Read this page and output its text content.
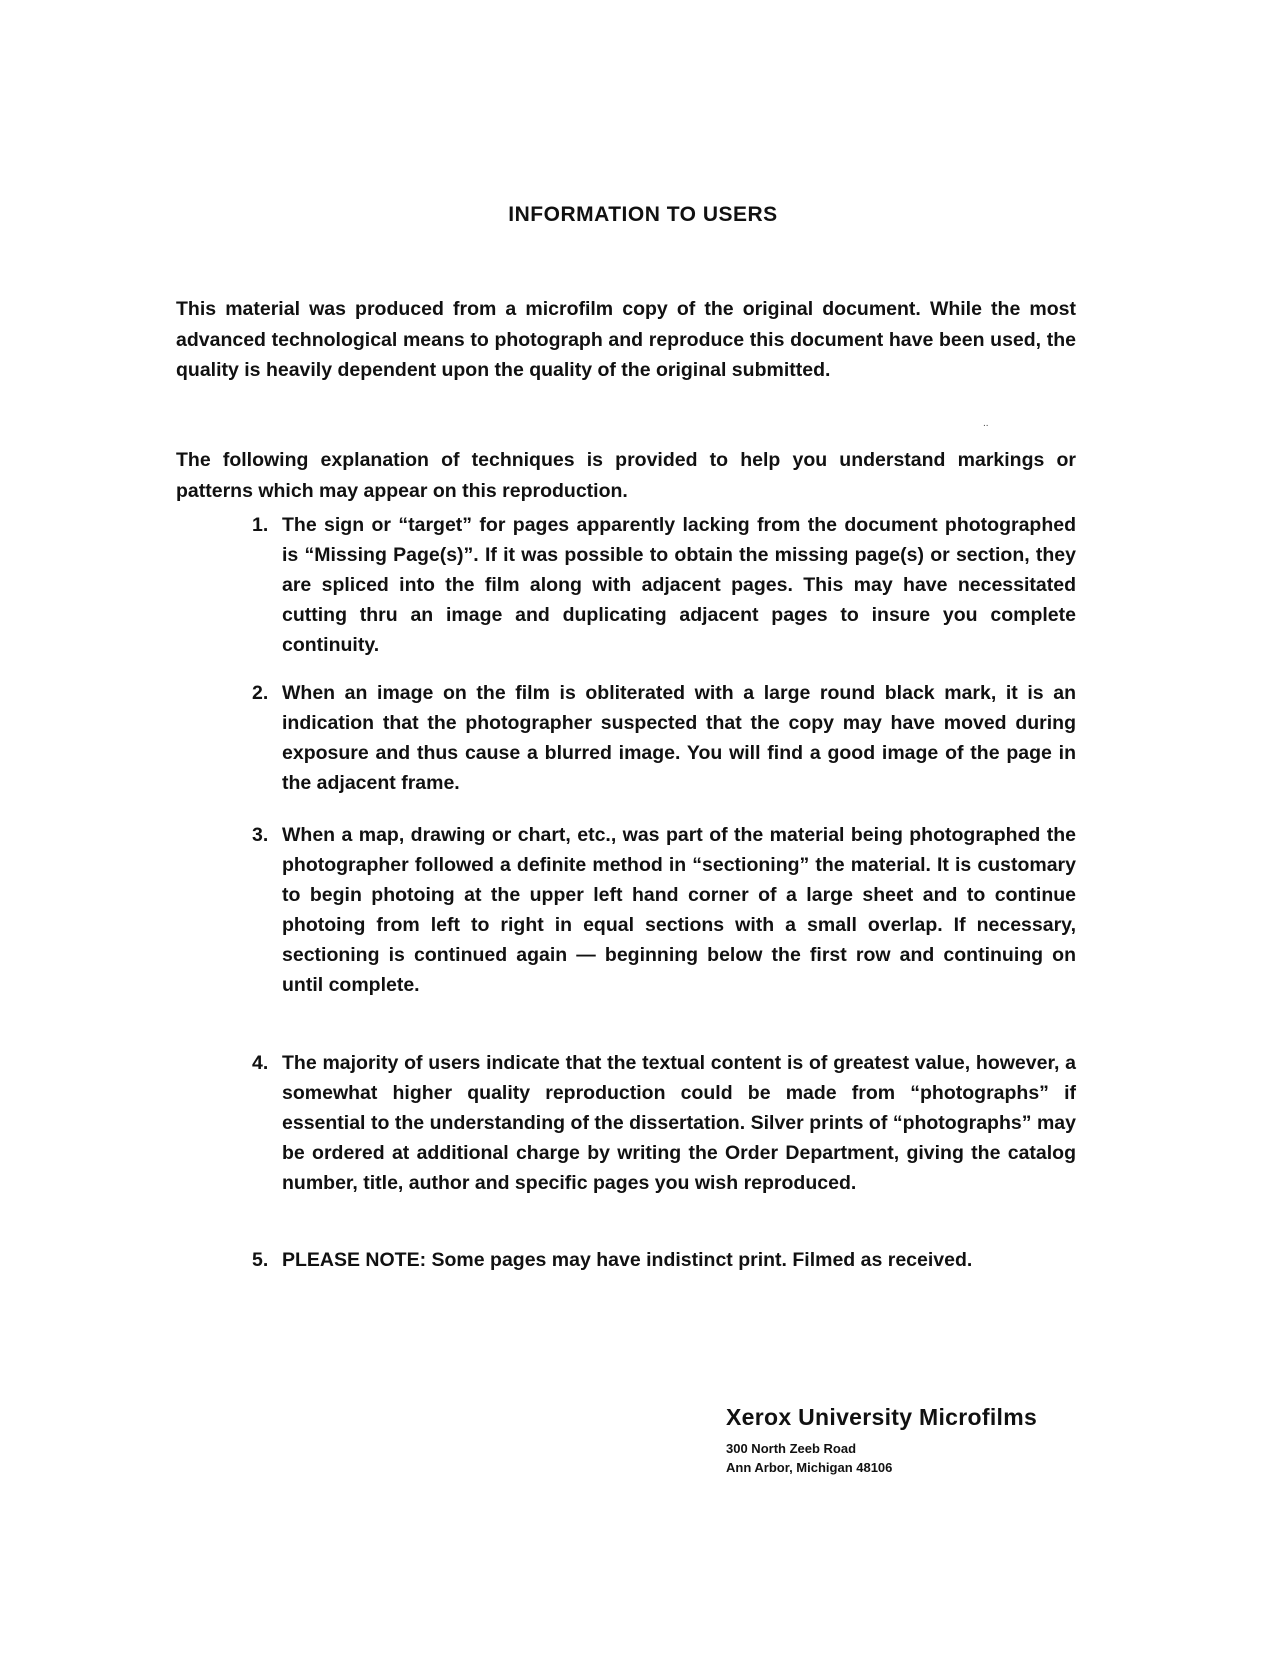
INFORMATION TO USERS
This material was produced from a microfilm copy of the original document. While the most advanced technological means to photograph and reproduce this document have been used, the quality is heavily dependent upon the quality of the original submitted.
..
The following explanation of techniques is provided to help you understand markings or patterns which may appear on this reproduction.
1. The sign or “target” for pages apparently lacking from the document photographed is “Missing Page(s)”. If it was possible to obtain the missing page(s) or section, they are spliced into the film along with adjacent pages. This may have necessitated cutting thru an image and duplicating adjacent pages to insure you complete continuity.
2. When an image on the film is obliterated with a large round black mark, it is an indication that the photographer suspected that the copy may have moved during exposure and thus cause a blurred image. You will find a good image of the page in the adjacent frame.
3. When a map, drawing or chart, etc., was part of the material being photographed the photographer followed a definite method in “sectioning” the material. It is customary to begin photoing at the upper left hand corner of a large sheet and to continue photoing from left to right in equal sections with a small overlap. If necessary, sectioning is continued again — beginning below the first row and continuing on until complete.
4. The majority of users indicate that the textual content is of greatest value, however, a somewhat higher quality reproduction could be made from “photographs” if essential to the understanding of the dissertation. Silver prints of “photographs” may be ordered at additional charge by writing the Order Department, giving the catalog number, title, author and specific pages you wish reproduced.
5. PLEASE NOTE: Some pages may have indistinct print. Filmed as received.
Xerox University Microfilms
300 North Zeeb Road
Ann Arbor, Michigan 48106
